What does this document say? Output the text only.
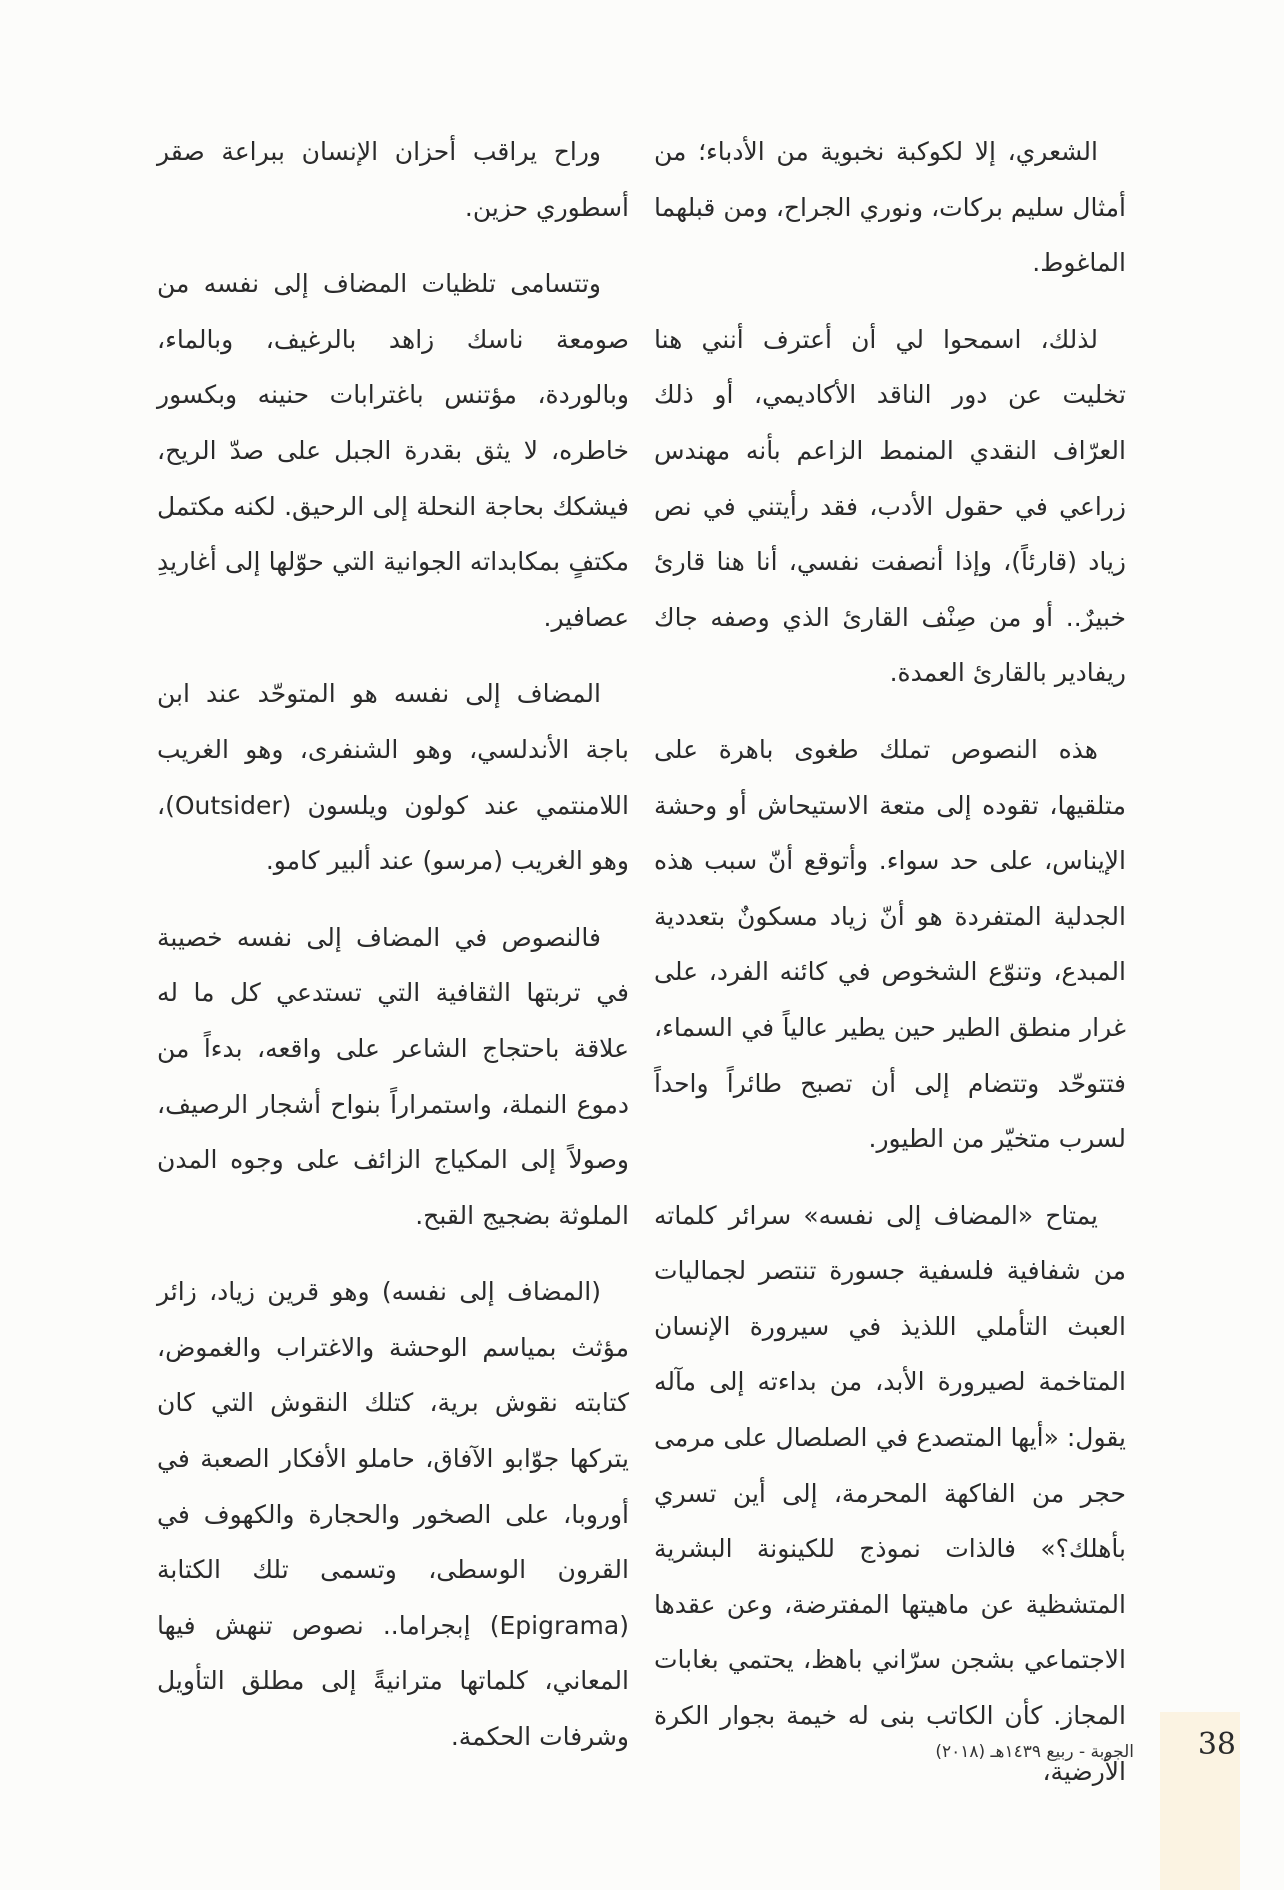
الشعري، إلا لكوكبة نخبوية من الأدباء؛ من أمثال سليم بركات، ونوري الجراح، ومن قبلهما الماغوط.

لذلك، اسمحوا لي أن أعترف أنني هنا تخليت عن دور الناقد الأكاديمي، أو ذلك العرّاف النقدي المنمط الزاعم بأنه مهندس زراعي في حقول الأدب، فقد رأيتني في نص زياد (قارئاً)، وإذا أنصفت نفسي، أنا هنا قارئ خبيرٌ.. أو من صِنْف القارئ الذي وصفه جاك ريفادير بالقارئ العمدة.

هذه النصوص تملك طغوى باهرة على متلقيها، تقوده إلى متعة الاستيحاش أو وحشة الإيناس، على حد سواء. وأتوقع أنّ سبب هذه الجدلية المتفردة هو أنّ زياد مسكونٌ بتعددية المبدع، وتنوّع الشخوص في كائنه الفرد، على غرار منطق الطير حين يطير عالياً في السماء، فتتوحّد وتتضام إلى أن تصبح طائراً واحداً لسرب متخيّر من الطيور.

يمتاح «المضاف إلى نفسه» سرائر كلماته من شفافية فلسفية جسورة تنتصر لجماليات العبث التأملي اللذيذ في سيرورة الإنسان المتاخمة لصيرورة الأبد، من بداءته إلى مآله يقول: «أيها المتصدع في الصلصال على مرمى حجر من الفاكهة المحرمة، إلى أين تسري بأهلك؟» فالذات نموذج للكينونة البشرية المتشظية عن ماهيتها المفترضة، وعن عقدها الاجتماعي بشجن سرّاني باهظ، يحتمي بغابات المجاز. كأن الكاتب بنى له خيمة بجوار الكرة الأرضية،

وراح يراقب أحزان الإنسان ببراعة صقر أسطوري حزين.

وتتسامى تلظيات المضاف إلى نفسه من صومعة ناسك زاهد بالرغيف، وبالماء، وبالوردة، مؤتنس باغترابات حنينه وبكسور خاطره، لا يثق بقدرة الجبل على صدّ الريح، فيشكك بحاجة النحلة إلى الرحيق. لكنه مكتمل مكتفٍ بمكابداته الجوانية التي حوّلها إلى أغاريدِ عصافير.

المضاف إلى نفسه هو المتوحّد عند ابن باجة الأندلسي، وهو الشنفرى، وهو الغريب اللامنتمي عند كولون ويلسون (Outsider)، وهو الغريب (مرسو) عند ألبير كامو.

فالنصوص في المضاف إلى نفسه خصيبة في تربتها الثقافية التي تستدعي كل ما له علاقة باحتجاج الشاعر على واقعه، بدءاً من دموع النملة، واستمراراً بنواح أشجار الرصيف، وصولاً إلى المكياج الزائف على وجوه المدن الملوثة بضجيج القبح.

(المضاف إلى نفسه) وهو قرين زياد، زائر مؤثث بمياسم الوحشة والاغتراب والغموض، كتابته نقوش برية، كتلك النقوش التي كان يتركها جوّابو الآفاق، حاملو الأفكار الصعبة في أوروبا، على الصخور والحجارة والكهوف في القرون الوسطى، وتسمى تلك الكتابة (Epigrama) إبجراما.. نصوص تنهش فيها المعاني، كلماتها مترانيةً إلى مطلق التأويل وشرفات الحكمة.	38
الجوبة - ربيع ١٤٣٩هـ (٢٠١٨)
